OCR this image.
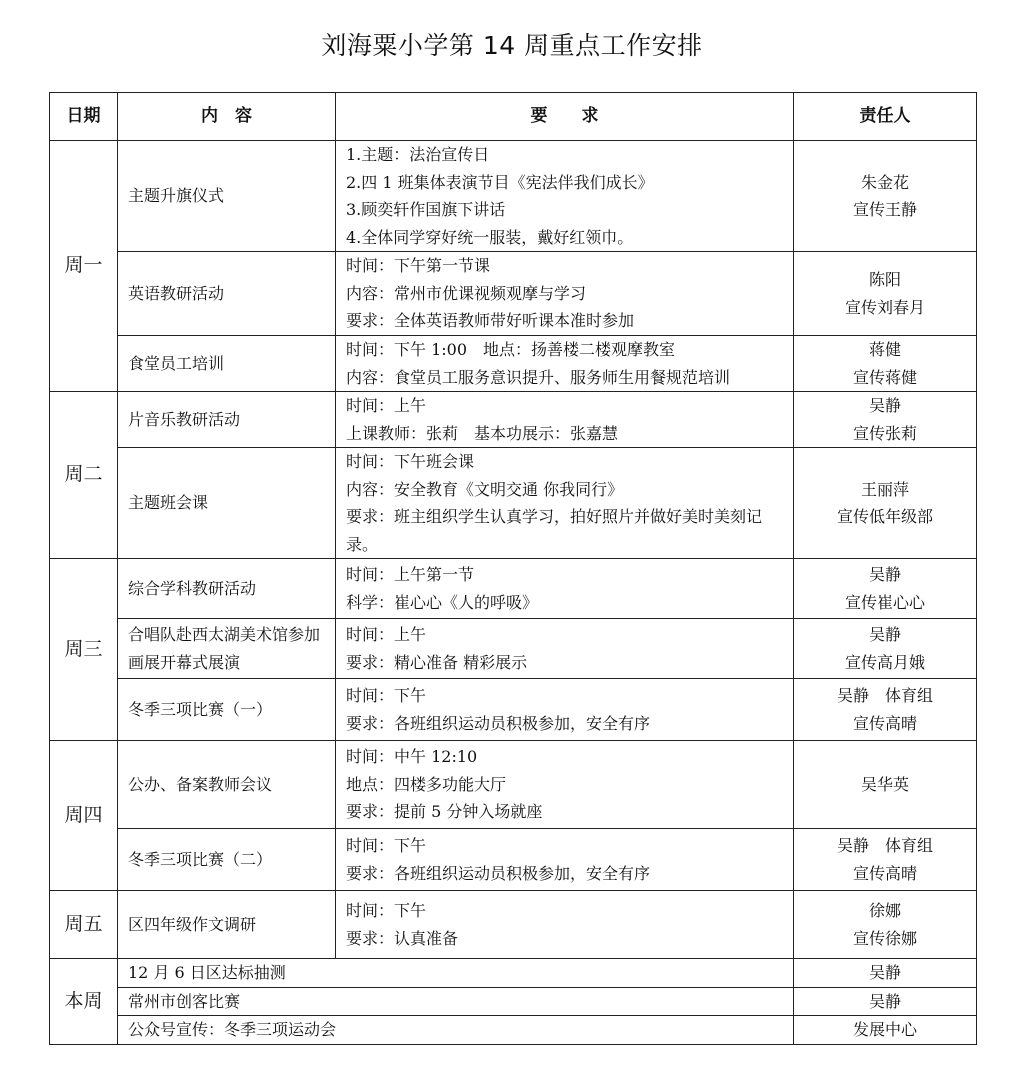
刘海粟小学第 14 周重点工作安排
日期	内　容	要　　求	责任人
周一	主题升旗仪式	1.主题：法治宣传日
2.四 1 班集体表演节目《宪法伴我们成长》
3.顾奕轩作国旗下讲话
4.全体同学穿好统一服装，戴好红领巾。	朱金花
宣传王静

	英语教研活动	时间：下午第一节课
内容：常州市优课视频观摩与学习
要求：全体英语教师带好听课本准时参加	陈阳
宣传刘春月

	食堂员工培训	时间：下午 1:00　地点：扬善楼二楼观摩教室
内容：食堂员工服务意识提升、服务师生用餐规范培训	蒋健
宣传蒋健

周二	片音乐教研活动	时间：上午
上课教师：张莉　基本功展示：张嘉慧	吴静
宣传张莉

	主题班会课	时间：下午班会课
内容：安全教育《文明交通 你我同行》
要求：班主组织学生认真学习，拍好照片并做好美时美刻记录。	王丽萍
宣传低年级部

周三	综合学科教研活动	时间：上午第一节
科学：崔心心《人的呼吸》	吴静
宣传崔心心

	合唱队赴西太湖美术馆参加画展开幕式展演	时间：上午
要求：精心准备 精彩展示	吴静
宣传高月娥

	冬季三项比赛（一）	时间：下午
要求：各班组织运动员积极参加，安全有序	吴静　体育组
宣传高晴

周四	公办、备案教师会议	时间：中午 12:10
地点：四楼多功能大厅
要求：提前 5 分钟入场就座	吴华英

	冬季三项比赛（二）	时间：下午
要求：各班组织运动员积极参加，安全有序	吴静　体育组
宣传高晴

周五	区四年级作文调研	时间：下午
要求：认真准备	徐娜
宣传徐娜

本周	12 月 6 日区达标抽测		吴静
	常州市创客比赛		吴静
	公众号宣传：冬季三项运动会		发展中心
